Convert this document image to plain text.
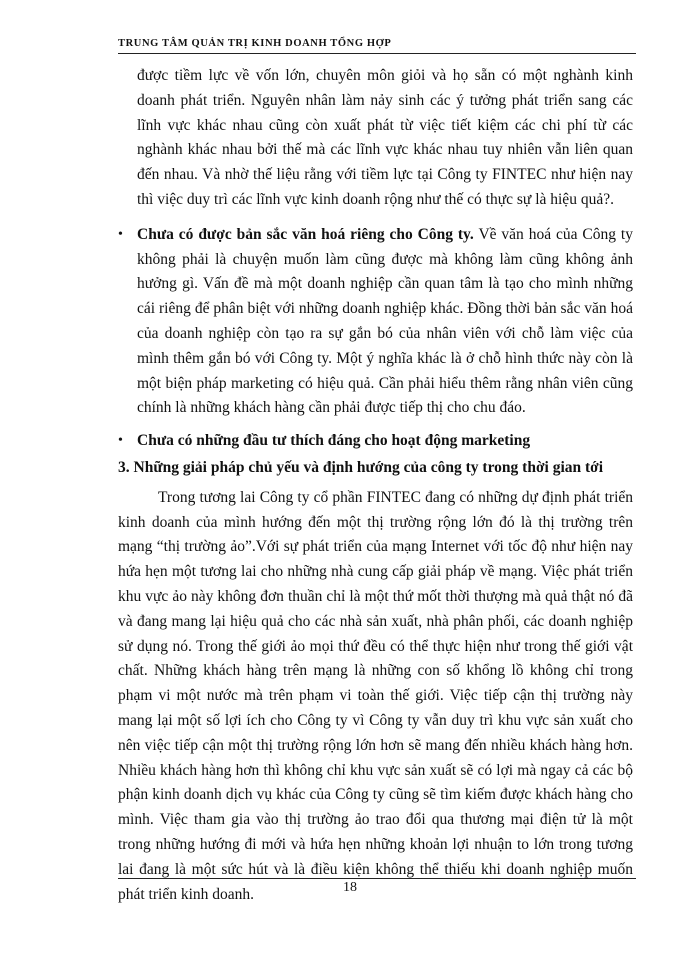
TRUNG TÂM QUẢN TRỊ KINH DOANH TỔNG HỢP

được tiềm lực về vốn lớn, chuyên môn giỏi và họ sẵn có một nghành kinh doanh phát triển. Nguyên nhân làm nảy sinh các ý tưởng phát triển sang các lĩnh vực khác nhau cũng còn xuất phát từ việc tiết kiệm các chi phí từ các nghành khác nhau bởi thế mà các lĩnh vực khác nhau tuy nhiên vẫn liên quan đến nhau. Và nhờ thế liệu rằng với tiềm lực tại Công ty FINTEC như hiện nay thì việc duy trì các lĩnh vực kinh doanh rộng như thế có thực sự là hiệu quả?.

• Chưa có được bản sắc văn hoá riêng cho Công ty. Về văn hoá của Công ty không phải là chuyện muốn làm cũng được mà không làm cũng không ảnh hưởng gì. Vấn đề mà một doanh nghiệp cần quan tâm là tạo cho mình những cái riêng để phân biệt với những doanh nghiệp khác. Đồng thời bản sắc văn hoá của doanh nghiệp còn tạo ra sự gắn bó của nhân viên với chỗ làm việc của mình thêm gắn bó với Công ty. Một ý nghĩa khác là ở chỗ hình thức này còn là một biện pháp marketing có hiệu quả. Cần phải hiểu thêm rằng nhân viên cũng chính là những khách hàng cần phải được tiếp thị cho chu đáo.
• Chưa có những đầu tư thích đáng cho hoạt động marketing

3. Những giải pháp chủ yếu và định hướng của công ty trong thời gian tới

Trong tương lai Công ty cổ phần FINTEC đang có những dự định phát triển kinh doanh của mình hướng đến một thị trường rộng lớn đó là thị trường trên mạng “thị trường ảo”.Với sự phát triển của mạng Internet với tốc độ như hiện nay hứa hẹn một tương lai cho những nhà cung cấp giải pháp về mạng. Việc phát triển khu vực ảo này không đơn thuần chỉ là một thứ mốt thời thượng mà quả thật nó đã và đang mang lại hiệu quả cho các nhà sản xuất, nhà phân phối, các doanh nghiệp sử dụng nó. Trong thế giới ảo mọi thứ đều có thể thực hiện như trong thế giới vật chất. Những khách hàng trên mạng là những con số khổng lồ không chỉ trong phạm vi một nước mà trên phạm vi toàn thế giới. Việc tiếp cận thị trường này mang lại một số lợi ích cho Công ty vì Công ty vẫn duy trì khu vực sản xuất cho nên việc tiếp cận một thị trường rộng lớn hơn sẽ mang đến nhiều khách hàng hơn. Nhiều khách hàng hơn thì không chỉ khu vực sản xuất sẽ có lợi mà ngay cả các bộ phận kinh doanh dịch vụ khác của Công ty cũng sẽ tìm kiếm được khách hàng cho mình. Việc tham gia vào thị trường ảo trao đổi qua thương mại điện tử là một trong những hướng đi mới và hứa hẹn những khoản lợi nhuận to lớn trong tương lai đang là một sức hút và là điều kiện không thể thiếu khi doanh nghiệp muốn phát triển kinh doanh.	18
